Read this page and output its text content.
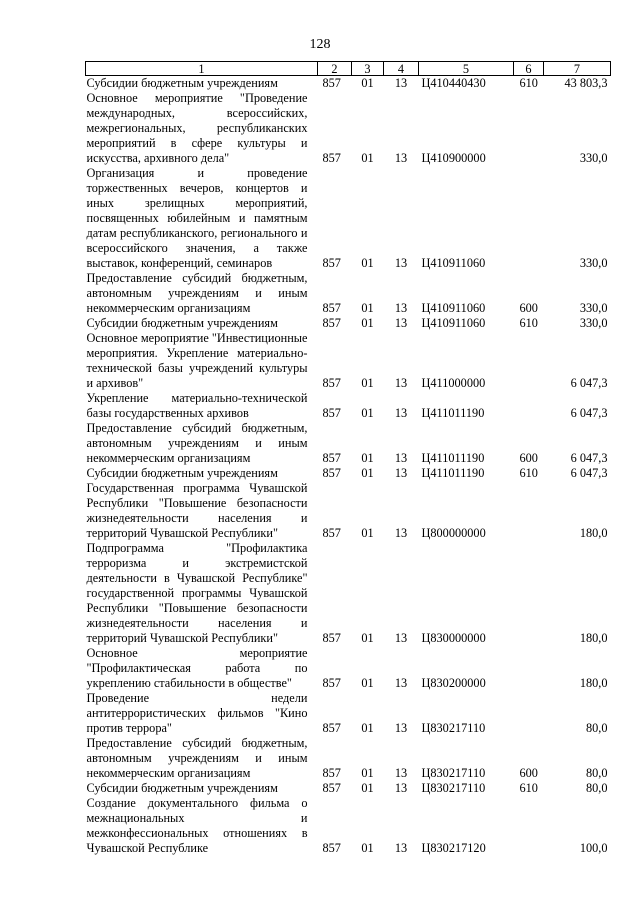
128
1	2	3	4	5	6	7
Субсидии бюджетным учреждениям	857	01	13	Ц410440430	610	43 803,3
Основное мероприятие "Проведение международных, всероссийских, межрегиональных, республиканских мероприятий в сфере культуры и искусства, архивного дела"	857	01	13	Ц410900000		330,0
Организация и проведение торжественных вечеров, концертов и иных зрелищных мероприятий, посвященных юбилейным и памятным датам республиканского, регионального и всероссийского значения, а также выставок, конференций, семинаров	857	01	13	Ц410911060		330,0
Предоставление субсидий бюджетным, автономным учреждениям и иным некоммерческим организациям	857	01	13	Ц410911060	600	330,0
Субсидии бюджетным учреждениям	857	01	13	Ц410911060	610	330,0
Основное мероприятие "Инвестиционные мероприятия. Укрепление материально-технической базы учреждений культуры и архивов"	857	01	13	Ц411000000		6 047,3
Укрепление материально-технической базы государственных архивов	857	01	13	Ц411011190		6 047,3
Предоставление субсидий бюджетным, автономным учреждениям и иным некоммерческим организациям	857	01	13	Ц411011190	600	6 047,3
Субсидии бюджетным учреждениям	857	01	13	Ц411011190	610	6 047,3
Государственная программа Чувашской Республики "Повышение безопасности жизнедеятельности населения и территорий Чувашской Республики"	857	01	13	Ц800000000		180,0
Подпрограмма "Профилактика терроризма и экстремистской деятельности в Чувашской Республике" государственной программы Чувашской Республики "Повышение безопасности жизнедеятельности населения и территорий Чувашской Республики"	857	01	13	Ц830000000		180,0
Основное мероприятие "Профилактическая работа по укреплению стабильности в обществе"	857	01	13	Ц830200000		180,0
Проведение недели антитеррористических фильмов "Кино против террора"	857	01	13	Ц830217110		80,0
Предоставление субсидий бюджетным, автономным учреждениям и иным некоммерческим организациям	857	01	13	Ц830217110	600	80,0
Субсидии бюджетным учреждениям	857	01	13	Ц830217110	610	80,0
Создание документального фильма о межнациональных и межконфессиональных отношениях в Чувашской Республике	857	01	13	Ц830217120		100,0
